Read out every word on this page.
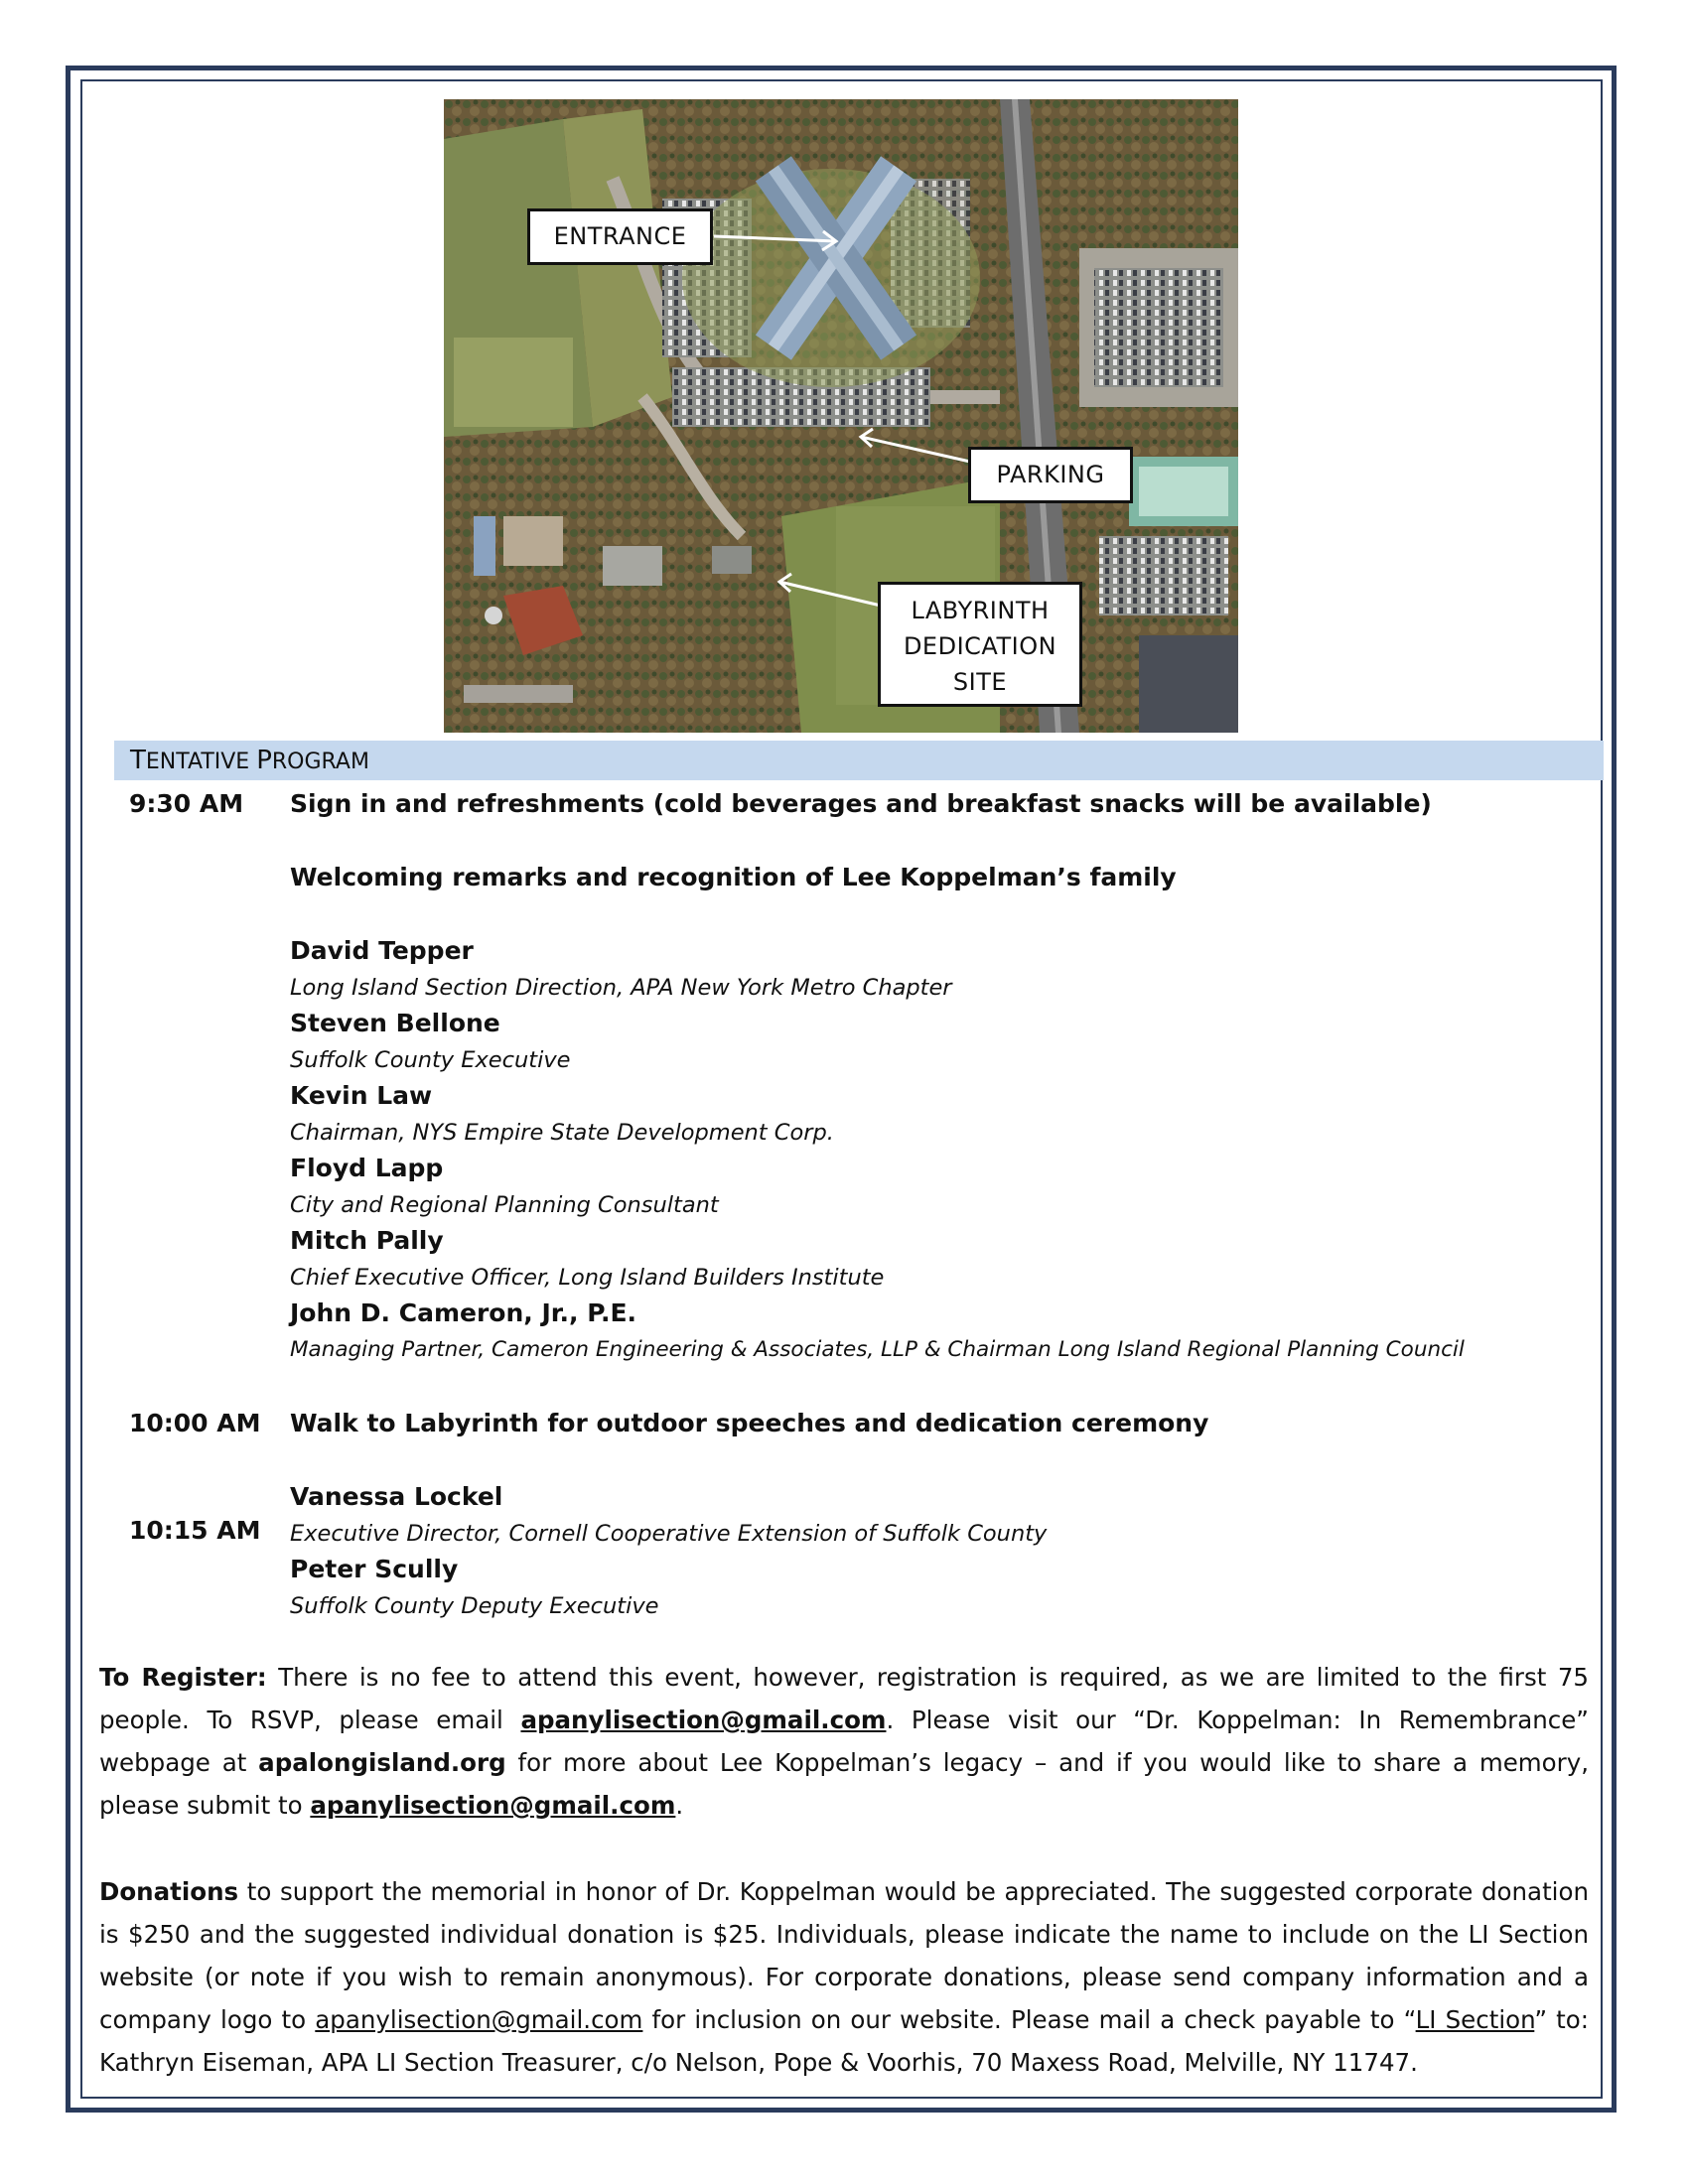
ENTRANCE
PARKING
LABYRINTH
DEDICATION
SITE
TENTATIVE PROGRAM
9:30 AM Sign in and refreshments (cold beverages and breakfast snacks will be available)
Welcoming remarks and recognition of Lee Koppelman’s family
David Tepper
Long Island Section Direction, APA New York Metro Chapter
Steven Bellone
Suffolk County Executive
Kevin Law
Chairman, NYS Empire State Development Corp.
Floyd Lapp
City and Regional Planning Consultant
Mitch Pally
Chief Executive Officer, Long Island Builders Institute
John D. Cameron, Jr., P.E.
Managing Partner, Cameron Engineering & Associates, LLP & Chairman Long Island Regional Planning Council
10:00 AM Walk to Labyrinth for outdoor speeches and dedication ceremony
Vanessa Lockel
10:15 AM Executive Director, Cornell Cooperative Extension of Suffolk County
Peter Scully
Suffolk County Deputy Executive
To Register: There is no fee to attend this event, however, registration is required, as we are limited to the first 75 people. To RSVP, please email apanylisection@gmail.com. Please visit our “Dr. Koppelman: In Remembrance” webpage at apalongisland.org for more about Lee Koppelman’s legacy – and if you would like to share a memory, please submit to apanylisection@gmail.com.
Donations to support the memorial in honor of Dr. Koppelman would be appreciated. The suggested corporate donation is $250 and the suggested individual donation is $25. Individuals, please indicate the name to include on the LI Section website (or note if you wish to remain anonymous). For corporate donations, please send company information and a company logo to apanylisection@gmail.com for inclusion on our website. Please mail a check payable to “LI Section” to: Kathryn Eiseman, APA LI Section Treasurer, c/o Nelson, Pope & Voorhis, 70 Maxess Road, Melville, NY 11747.
